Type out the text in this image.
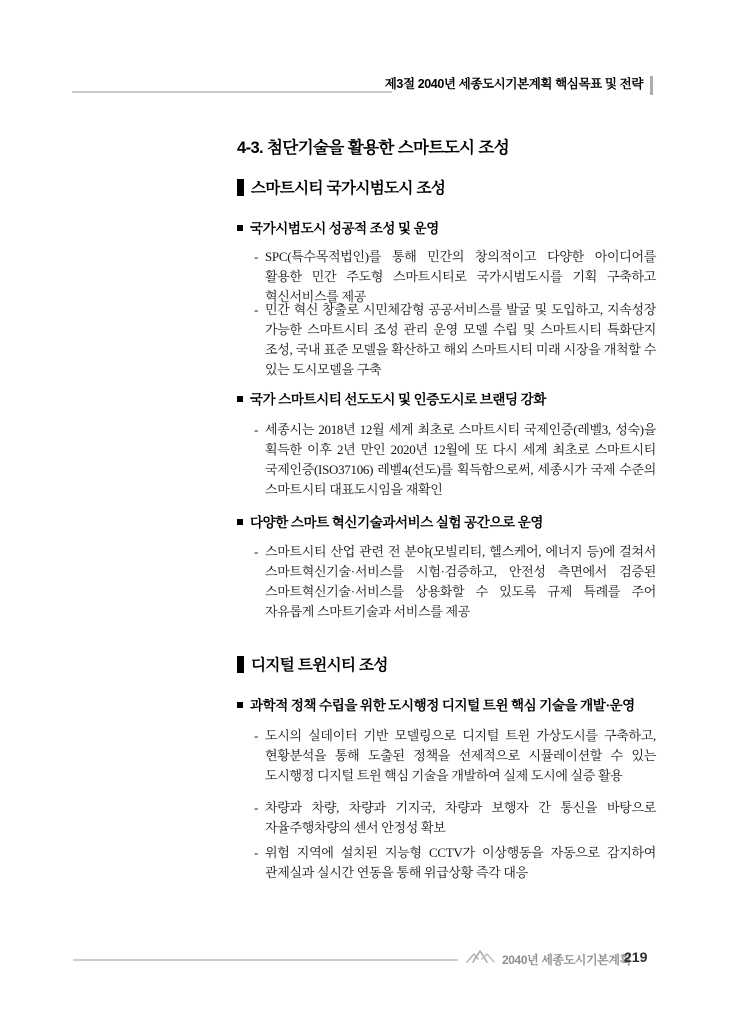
제3절 2040년 세종도시기본계획 핵심목표 및 전략
4-3. 첨단기술을 활용한 스마트도시 조성
스마트시티 국가시범도시 조성
국가시범도시 성공적 조성 및 운영
- SPC(특수목적법인)를 통해 민간의 창의적이고 다양한 아이디어를 활용한 민간 주도형 스마트시티로 국가시범도시를 기획 구축하고 혁신서비스를 제공
- 민간 혁신 창출로 시민체감형 공공서비스를 발굴 및 도입하고, 지속성장 가능한 스마트시티 조성 관리 운영 모델 수립 및 스마트시티 특화단지 조성, 국내 표준 모델을 확산하고 해외 스마트시티 미래 시장을 개척할 수 있는 도시모델을 구축
국가 스마트시티 선도도시 및 인증도시로 브랜딩 강화
- 세종시는 2018년 12월 세계 최초로 스마트시티 국제인증(레벨3, 성숙)을 획득한 이후 2년 만인 2020년 12월에 또 다시 세계 최초로 스마트시티 국제인증(ISO37106) 레벨4(선도)를 획득함으로써, 세종시가 국제 수준의 스마트시티 대표도시임을 재확인
다양한 스마트 혁신기술과서비스 실험 공간으로 운영
- 스마트시티 산업 관련 전 분야(모빌리티, 헬스케어, 에너지 등)에 걸쳐서 스마트혁신기술·서비스를 시험·검증하고, 안전성 측면에서 검증된 스마트혁신기술·서비스를 상용화할 수 있도록 규제 특례를 주어 자유롭게 스마트기술과 서비스를 제공
디지털 트윈시티 조성
과학적 정책 수립을 위한 도시행정 디지털 트윈 핵심 기술을 개발·운영
- 도시의 실데이터 기반 모델링으로 디지털 트윈 가상도시를 구축하고, 현황분석을 통해 도출된 정책을 선제적으로 시뮬레이션할 수 있는 도시행정 디지털 트윈 핵심 기술을 개발하여 실제 도시에 실증 활용
- 차량과 차량, 차량과 기지국, 차량과 보행자 간 통신을 바탕으로 자율주행차량의 센서 안정성 확보
- 위험 지역에 설치된 지능형 CCTV가 이상행동을 자동으로 감지하여 관제실과 실시간 연동을 통해 위급상황 즉각 대응
2040년 세종도시기본계획
219
